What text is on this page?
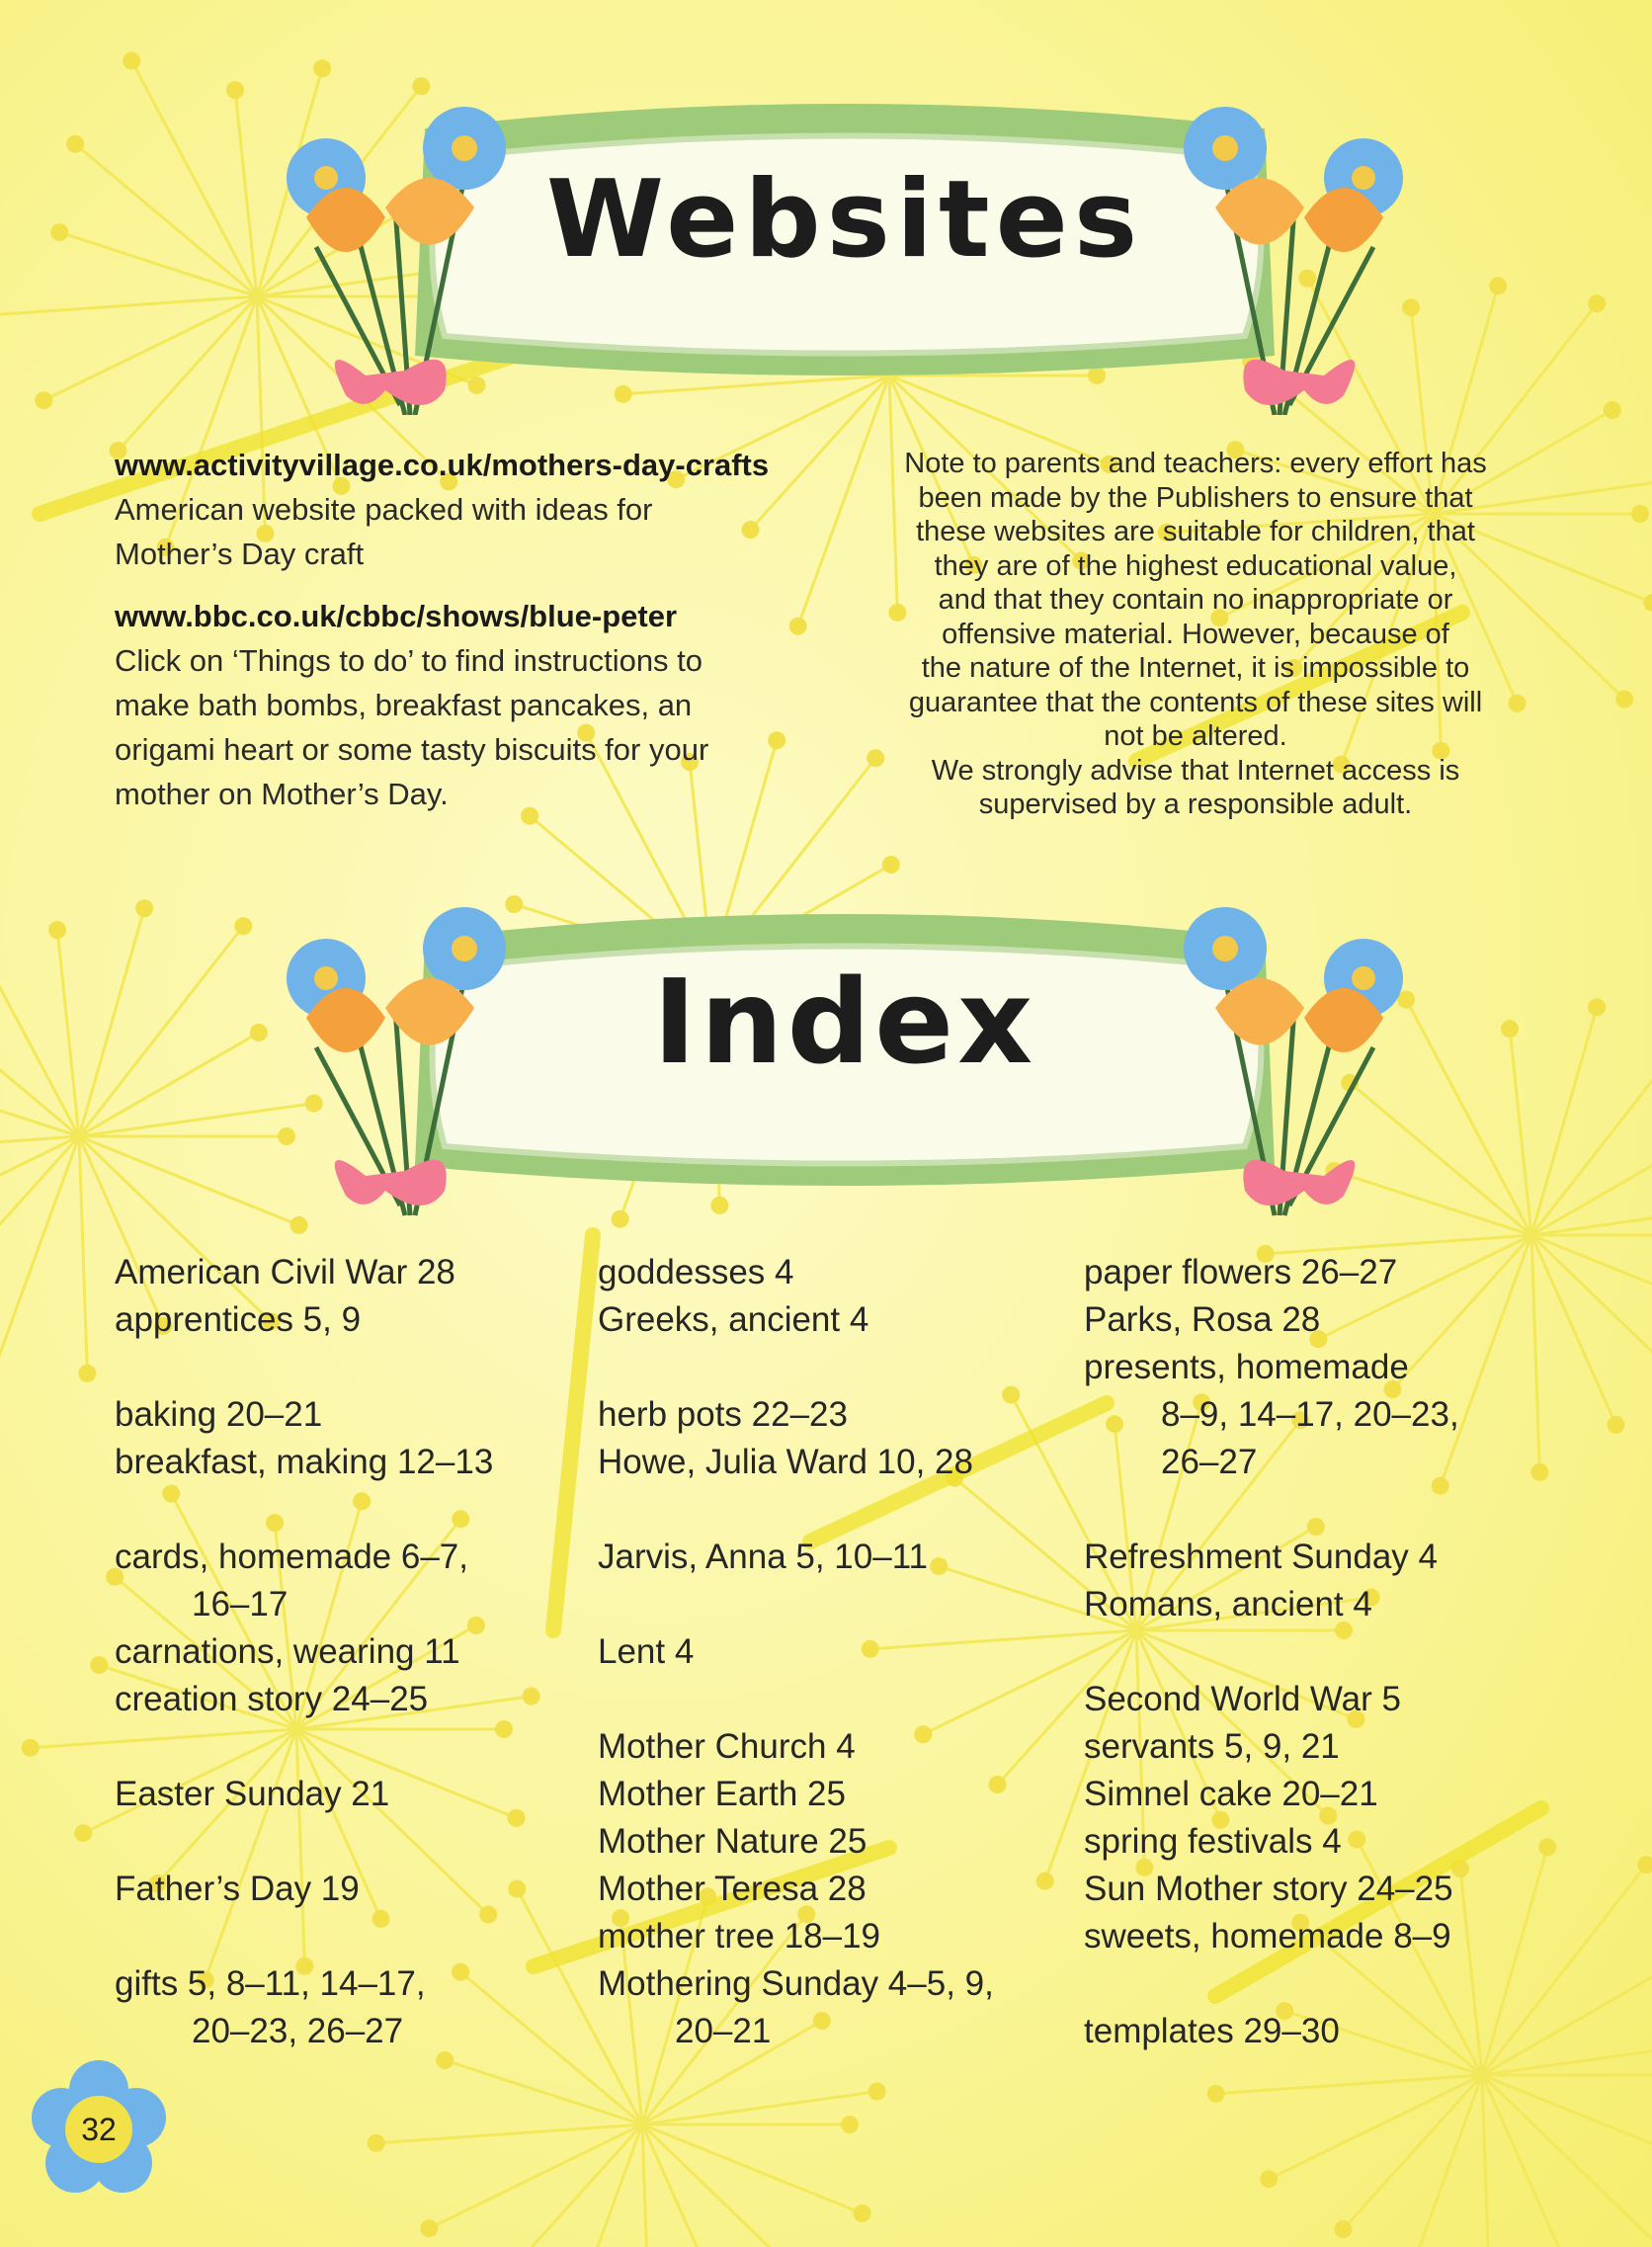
Websites
www.activityvillage.co.uk/mothers-day-crafts
American website packed with ideas for
Mother’s Day craft
www.bbc.co.uk/cbbc/shows/blue-peter
Click on ‘Things to do’ to find instructions to
make bath bombs, breakfast pancakes, an
origami heart or some tasty biscuits for your
mother on Mother’s Day.
Note to parents and teachers: every effort has
been made by the Publishers to ensure that
these websites are suitable for children, that
they are of the highest educational value,
and that they contain no inappropriate or
offensive material. However, because of
the nature of the Internet, it is impossible to
guarantee that the contents of these sites will
not be altered.
We strongly advise that Internet access is
supervised by a responsible adult.
Index
American Civil War 28
apprentices 5, 9
baking 20–21
breakfast, making 12–13
cards, homemade 6–7,
16–17
carnations, wearing 11
creation story 24–25
Easter Sunday 21
Father’s Day 19
gifts 5, 8–11, 14–17,
20–23, 26–27
goddesses 4
Greeks, ancient 4
herb pots 22–23
Howe, Julia Ward 10, 28
Jarvis, Anna 5, 10–11
Lent 4
Mother Church 4
Mother Earth 25
Mother Nature 25
Mother Teresa 28
mother tree 18–19
Mothering Sunday 4–5, 9,
20–21
paper flowers 26–27
Parks, Rosa 28
presents, homemade
8–9, 14–17, 20–23,
26–27
Refreshment Sunday 4
Romans, ancient 4
Second World War 5
servants 5, 9, 21
Simnel cake 20–21
spring festivals 4
Sun Mother story 24–25
sweets, homemade 8–9
templates 29–30
32
